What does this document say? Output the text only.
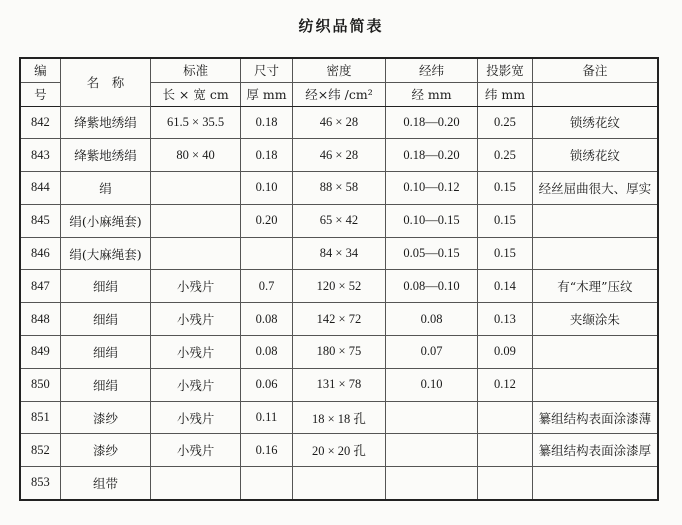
纺织品简表
编	名　称	标准	尺寸	密度	经纬	投影宽	备注
号		长 × 宽 cm	厚 mm	经×纬 /cm²	经 mm	纬 mm	
842	绛紫地绣绢	61.5 × 35.5	0.18	46 × 28	0.18—0.20	0.25	锁绣花纹
843	绛紫地绣绢	80 × 40	0.18	46 × 28	0.18—0.20	0.25	锁绣花纹
844	绢		0.10	88 × 58	0.10—0.12	0.15	经丝屈曲很大、厚实
845	绢(小麻绳套)		0.20	65 × 42	0.10—0.15	0.15	
846	绢(大麻绳套)			84 × 34	0.05—0.15	0.15	
847	细绢	小残片	0.7	120 × 52	0.08—0.10	0.14	有“木理”压纹
848	细绢	小残片	0.08	142 × 72	0.08	0.13	夹缬涂朱
849	细绢	小残片	0.08	180 × 75	0.07	0.09	
850	细绢	小残片	0.06	131 × 78	0.10	0.12	
851	漆纱	小残片	0.11	18 × 18 孔			纂组结构表面涂漆薄
852	漆纱	小残片	0.16	20 × 20 孔			纂组结构表面涂漆厚
853	组带						
